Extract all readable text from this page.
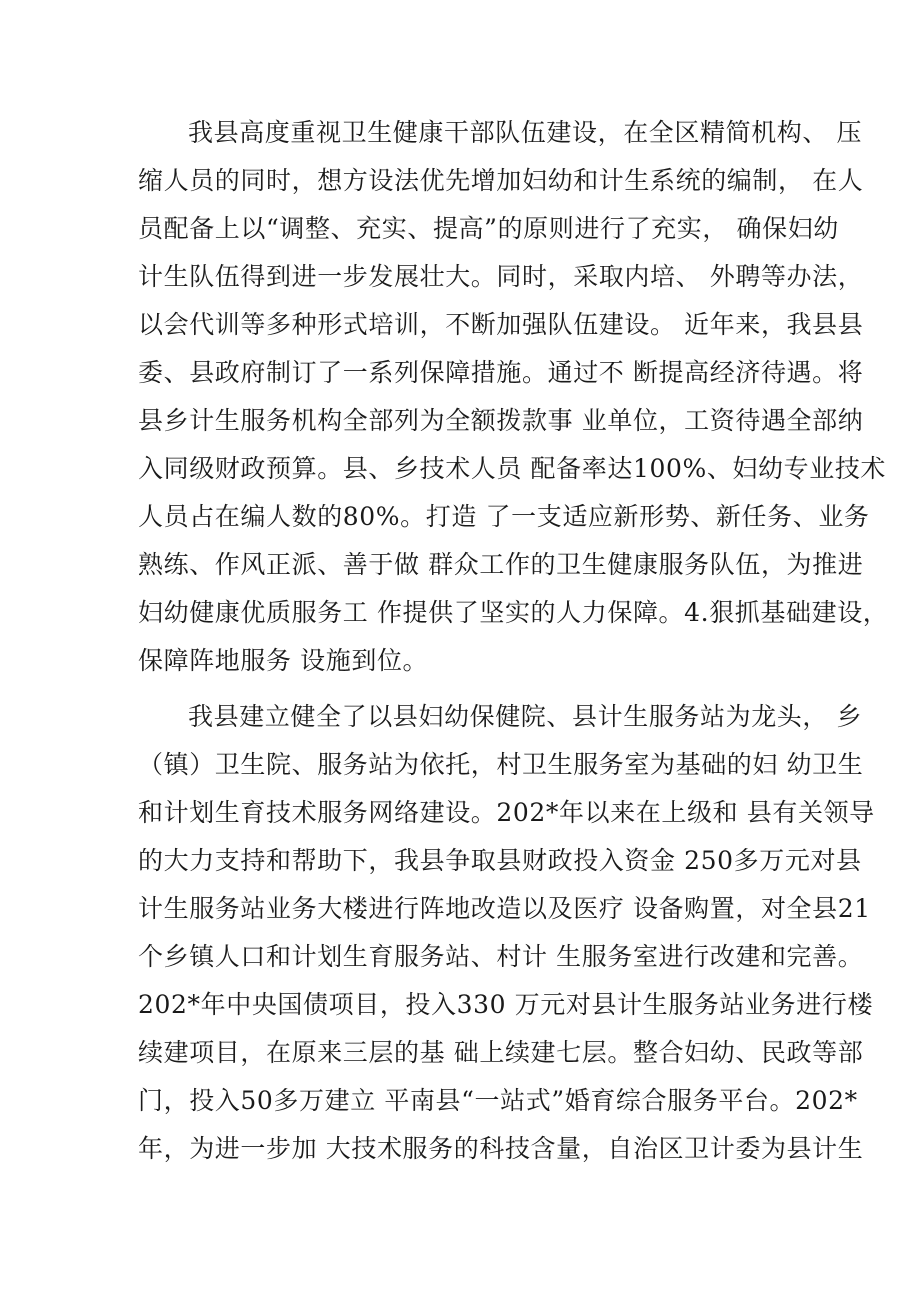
我县高度重视卫生健康干部队伍建设，在全区精简机构、 压
缩人员的同时，想方设法优先增加妇幼和计生系统的编制， 在人
员配备上以“调整、充实、提高”的原则进行了充实， 确保妇幼
计生队伍得到进一步发展壮大。同时，采取内培、 外聘等办法，
以会代训等多种形式培训，不断加强队伍建设。 近年来，我县县
委、县政府制订了一系列保障措施。通过不 断提高经济待遇。将
县乡计生服务机构全部列为全额拨款事 业单位，工资待遇全部纳
入同级财政预算。县、乡技术人员 配备率达100%、妇幼专业技术
人员占在编人数的80%。打造 了一支适应新形势、新任务、业务
熟练、作风正派、善于做 群众工作的卫生健康服务队伍，为推进
妇幼健康优质服务工 作提供了坚实的人力保障。4.狠抓基础建设，
保障阵地服务 设施到位。
我县建立健全了以县妇幼保健院、县计生服务站为龙头， 乡
（镇）卫生院、服务站为依托，村卫生服务室为基础的妇 幼卫生
和计划生育技术服务网络建设。202*年以来在上级和 县有关领导
的大力支持和帮助下，我县争取县财政投入资金 250多万元对县
计生服务站业务大楼进行阵地改造以及医疗 设备购置，对全县21
个乡镇人口和计划生育服务站、村计 生服务室进行改建和完善。
202*年中央国债项目，投入330 万元对县计生服务站业务进行楼
续建项目，在原来三层的基 础上续建七层。整合妇幼、民政等部
门，投入50多万建立 平南县“一站式”婚育综合服务平台。202*
年，为进一步加 大技术服务的科技含量，自治区卫计委为县计生
